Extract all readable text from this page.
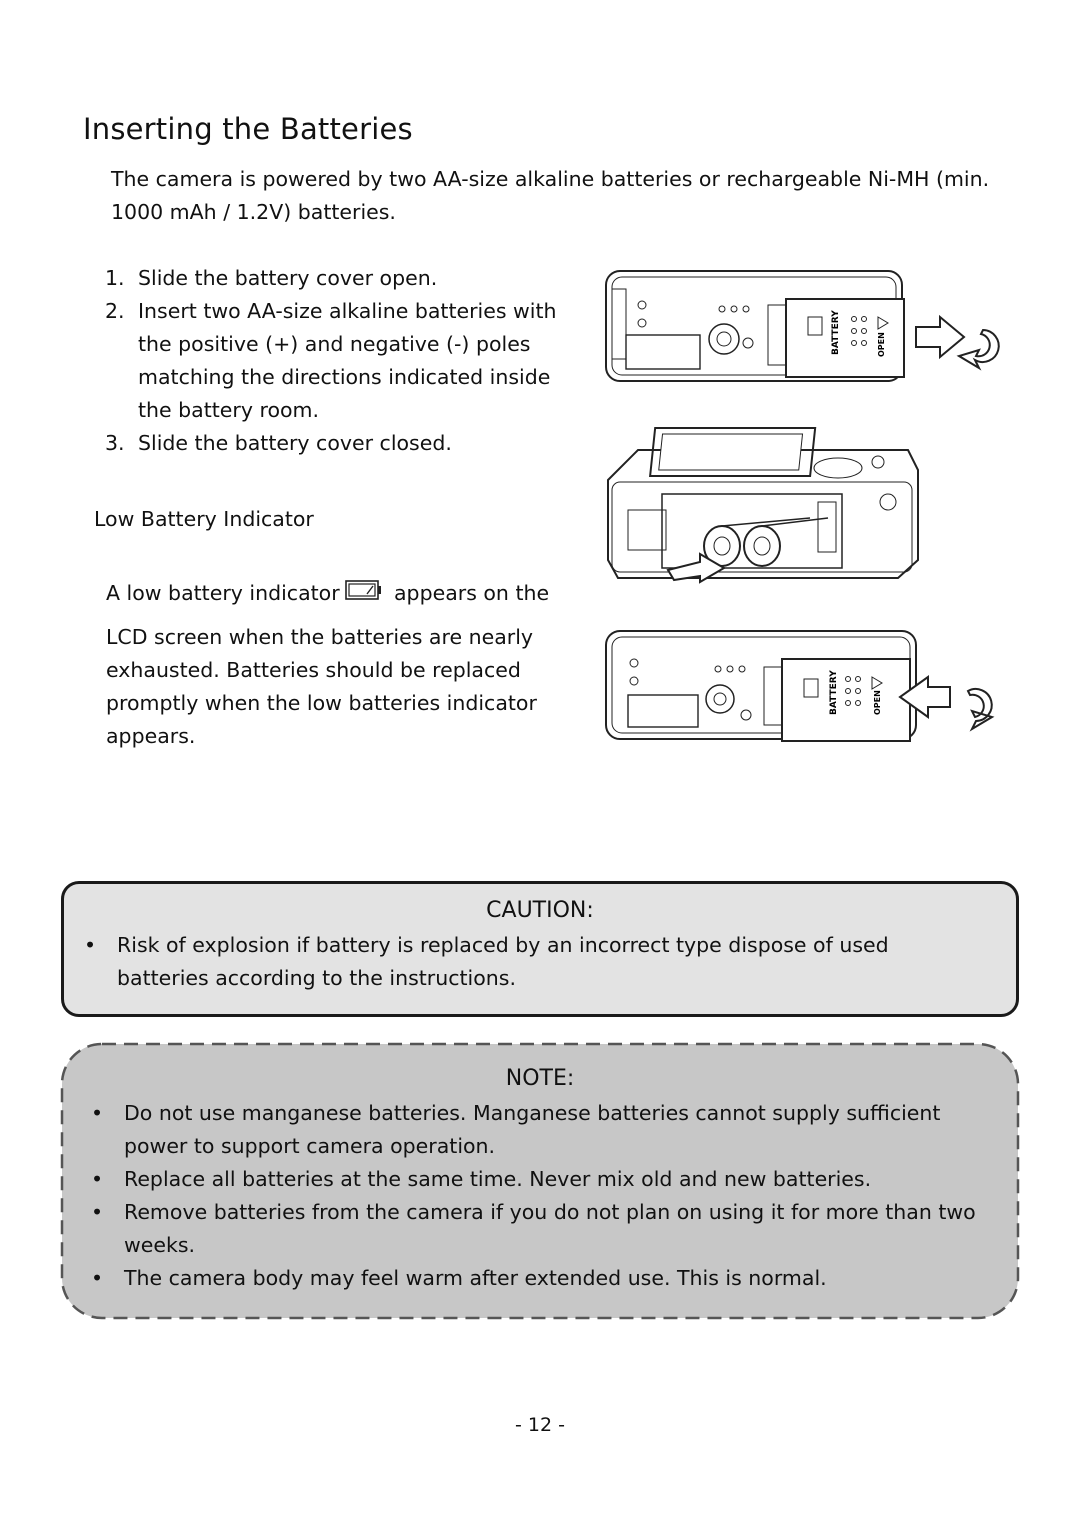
Inserting the Batteries
The camera is powered by two AA-size alkaline batteries or rechargeable Ni-MH (min. 1000 mAh / 1.2V) batteries.
1. Slide the battery cover open.
2. Insert two AA-size alkaline batteries with the positive (+) and negative (-) poles matching the directions indicated inside the battery room.
3. Slide the battery cover closed.
Low Battery Indicator
A low battery indicator	appears on the
LCD screen when the batteries are nearly exhausted. Batteries should be replaced promptly when the low batteries indicator appears.
BATTERY	OPEN
BATTERY	OPEN
CAUTION:
• Risk of explosion if battery is replaced by an incorrect type dispose of used batteries according to the instructions.
NOTE:
• Do not use manganese batteries. Manganese batteries cannot supply sufficient power to support camera operation.
• Replace all batteries at the same time. Never mix old and new batteries.
• Remove batteries from the camera if you do not plan on using it for more than two weeks.
• The camera body may feel warm after extended use. This is normal.
- 12 -
